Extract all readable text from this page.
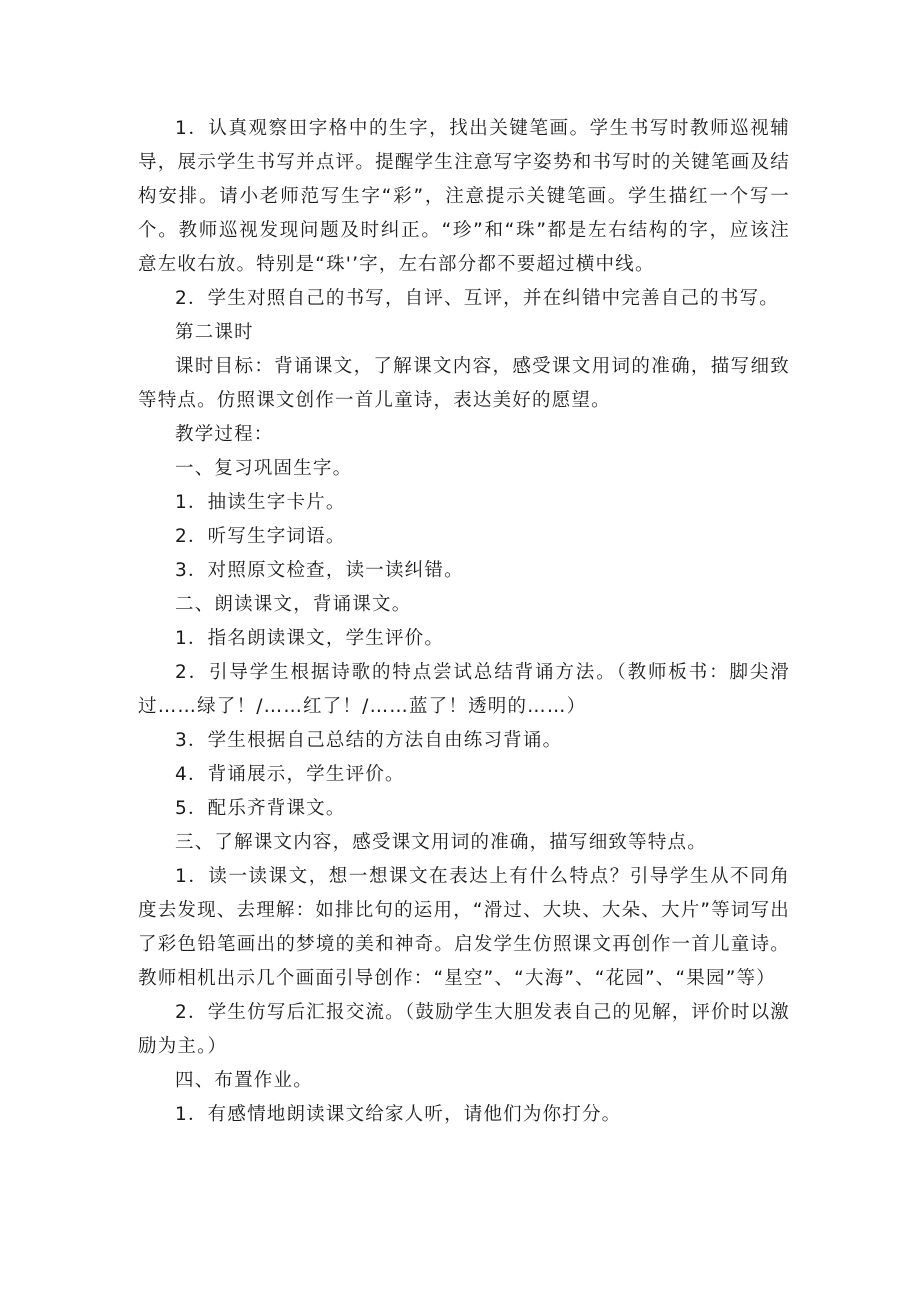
1．认真观察田字格中的生字，找出关键笔画。学生书写时教师巡视辅导，展示学生书写并点评。提醒学生注意写字姿势和书写时的关键笔画及结构安排。请小老师范写生字“彩”，注意提示关键笔画。学生描红一个写一个。教师巡视发现问题及时纠正。“珍”和“珠”都是左右结构的字，应该注意左收右放。特别是“珠'’字，左右部分都不要超过横中线。

2．学生对照自己的书写，自评、互评，并在纠错中完善自己的书写。

第二课时

课时目标：背诵课文，了解课文内容，感受课文用词的准确，描写细致等特点。仿照课文创作一首儿童诗，表达美好的愿望。

教学过程：

一、复习巩固生字。

1．抽读生字卡片。

2．听写生字词语。

3．对照原文检查，读一读纠错。

二、朗读课文，背诵课文。

1．指名朗读课文，学生评价。

2．引导学生根据诗歌的特点尝试总结背诵方法。（教师板书：脚尖滑过……绿了！/……红了！/……蓝了！透明的……）

3．学生根据自己总结的方法自由练习背诵。

4．背诵展示，学生评价。

5．配乐齐背课文。

三、了解课文内容，感受课文用词的准确，描写细致等特点。

1．读一读课文，想一想课文在表达上有什么特点？引导学生从不同角度去发现、去理解：如排比句的运用，“滑过、大块、大朵、大片”等词写出了彩色铅笔画出的梦境的美和神奇。启发学生仿照课文再创作一首儿童诗。教师相机出示几个画面引导创作：“星空”、“大海”、“花园”、“果园”等）

2．学生仿写后汇报交流。（鼓励学生大胆发表自己的见解，评价时以激励为主。）

四、布置作业。

1．有感情地朗读课文给家人听，请他们为你打分。
